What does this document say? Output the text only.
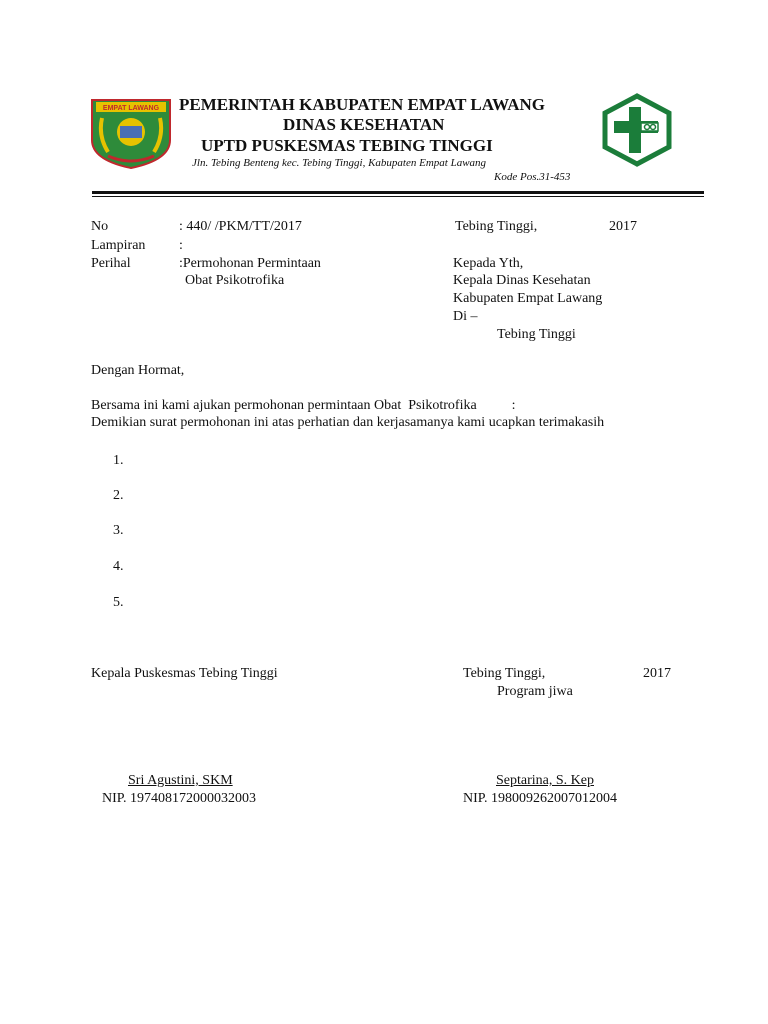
EMPAT LAWANG PEMERINTAH KABUPATEN EMPAT LAWANG
DINAS KESEHATAN
UPTD PUSKESMAS TEBING TINGGI
Jln. Tebing Benteng kec. Tebing Tinggi, Kabupaten Empat Lawang
Kode Pos.31-453
No	: 440/ /PKM/TT/2017	Tebing Tinggi,	2017
Lampiran :
Perihal	:Permohonan Permintaan
Obat Psikotrofika
Kepada Yth,
Kepala Dinas Kesehatan
Kabupaten Empat Lawang
Di –
Tebing Tinggi
Dengan Hormat,
Bersama ini kami ajukan permohonan permintaan Obat  Psikotrofika          :
Demikian surat permohonan ini atas perhatian dan kerjasamanya kami ucapkan terimakasih
1.
2.
3.
4.
5.
Kepala Puskesmas Tebing Tinggi	Tebing Tinggi,	2017
Program jiwa
Sri Agustini, SKM
NIP. 197408172000032003
Septarina, S. Kep
NIP. 198009262007012004
